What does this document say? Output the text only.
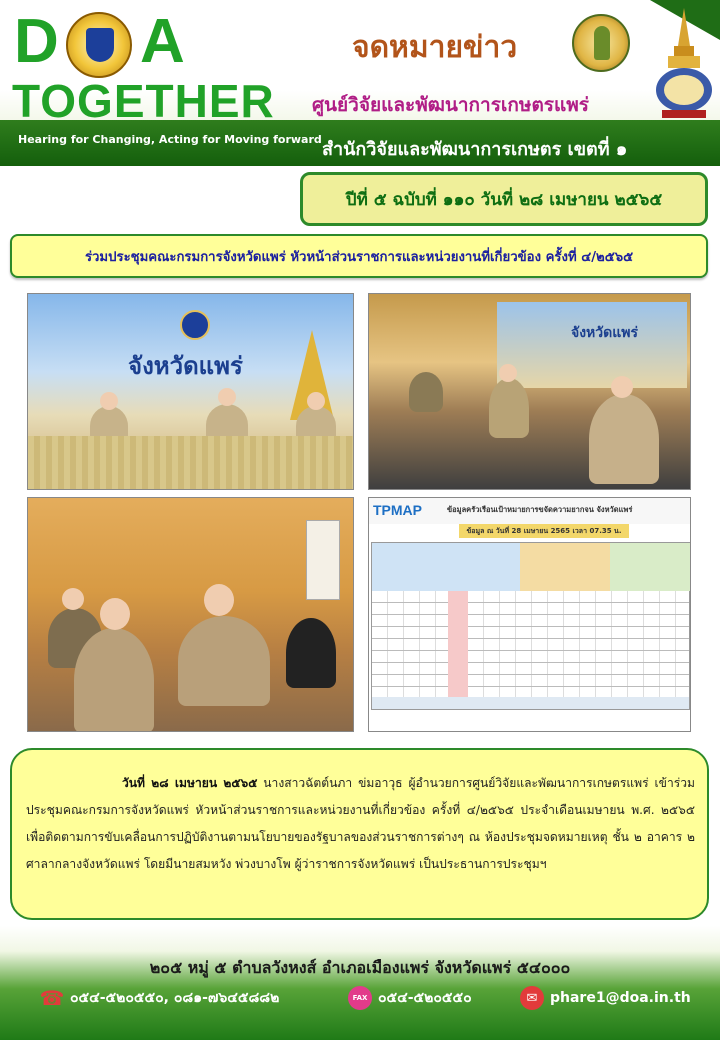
D A
TOGETHER
Hearing for Changing, Acting for Moving forward
จดหมายข่าว
ศูนย์วิจัยและพัฒนาการเกษตรแพร่
สำนักวิจัยและพัฒนาการเกษตร เขตที่ ๑
ปีที่ ๕ ฉบับที่ ๑๑๐ วันที่ ๒๘ เมษายน ๒๕๖๕
ร่วมประชุมคณะกรมการจังหวัดแพร่ หัวหน้าส่วนราชการและหน่วยงานที่เกี่ยวข้อง ครั้งที่ ๔/๒๕๖๕
จังหวัดแพร่
จังหวัดแพร่
TPMAP	ข้อมูลครัวเรือนเป้าหมายการขจัดความยากจน จังหวัดแพร่
ข้อมูล ณ วันที่ 28 เมษายน 2565 เวลา 07.35 น.

วันที่ ๒๘ เมษายน ๒๕๖๕ นางสาวฉัตต์นภา ข่มอาวุธ ผู้อำนวยการศูนย์วิจัยและพัฒนาการเกษตรแพร่ เข้าร่วมประชุมคณะกรมการจังหวัดแพร่ หัวหน้าส่วนราชการและหน่วยงานที่เกี่ยวข้อง ครั้งที่ ๔/๒๕๖๕ ประจำเดือนเมษายน พ.ศ. ๒๕๖๕ เพื่อติดตามการขับเคลื่อนการปฏิบัติงานตามนโยบายของรัฐบาลของส่วนราชการต่างๆ ณ ห้องประชุมจดหมายเหตุ ชั้น ๒ อาคาร ๒ ศาลากลางจังหวัดแพร่ โดยมีนายสมหวัง พ่วงบางโพ ผู้ว่าราชการจังหวัดแพร่ เป็นประธานการประชุมฯ

๒๐๕ หมู่ ๕ ตำบลวังหงส์ อำเภอเมืองแพร่ จังหวัดแพร่ ๕๔๐๐๐
☎ ๐๕๔-๕๒๐๕๕๐, ๐๘๑-๗๖๔๕๘๘๒	FAX ๐๕๔-๕๒๐๕๕๐	✉ phare1@doa.in.th
